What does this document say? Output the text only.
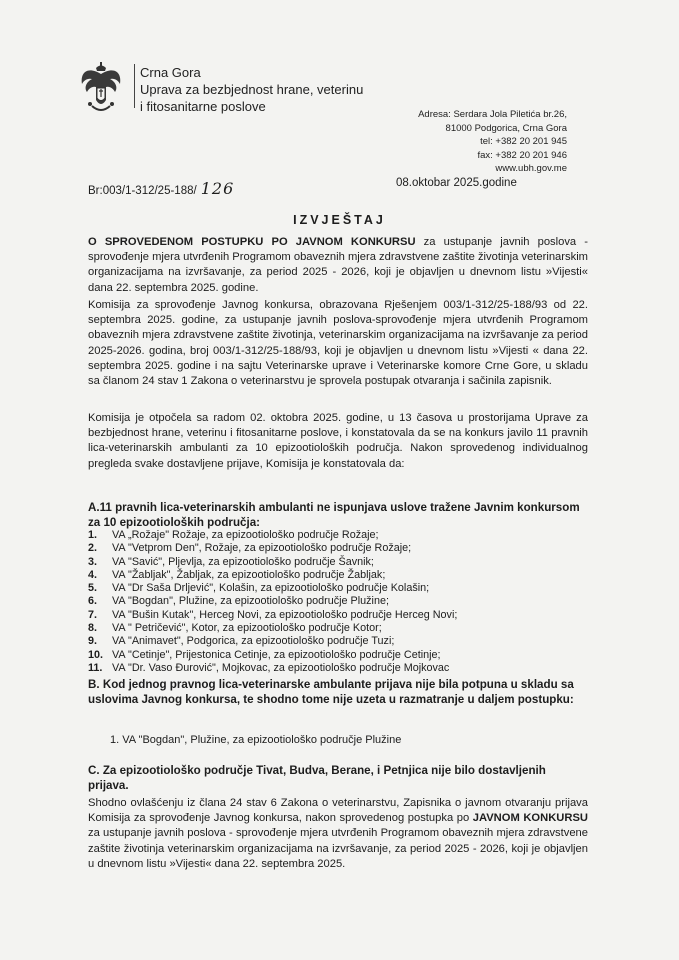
Crna Gora
Uprava za bezbjednost hrane, veterinu
i fitosanitarne poslove
Adresa: Serdara Jola Piletića br.26,
81000 Podgorica, Crna Gora
tel: +382 20 201 945
fax: +382 20 201 946
www.ubh.gov.me
Br:003/1-312/25-188/ 126	08.oktobar 2025.godine
IZVJEŠTAJ
O SPROVEDENOM POSTUPKU PO JAVNOM KONKURSU za ustupanje javnih poslova - sprovođenje mjera utvrđenih Programom obaveznih mjera zdravstvene zaštite životinja veterinarskim organizacijama na izvršavanje, za period 2025 - 2026, koji je objavljen u dnevnom listu »Vijesti« dana 22. septembra 2025. godine.
Komisija za sprovođenje Javnog konkursa, obrazovana Rješenjem 003/1-312/25-188/93 od 22. septembra 2025. godine, za ustupanje javnih poslova-sprovođenje mjera utvrđenih Programom obaveznih mjera zdravstvene zaštite životinja, veterinarskim organizacijama na izvršavanje za period 2025-2026. godina, broj 003/1-312/25-188/93, koji je objavljen u dnevnom listu »Vijesti « dana 22. septembra 2025. godine i na sajtu Veterinarske uprave i Veterinarske komore Crne Gore, u skladu sa članom 24 stav 1 Zakona o veterinarstvu je sprovela postupak otvaranja i sačinila zapisnik.
Komisija je otpočela sa radom 02. oktobra 2025. godine, u 13 časova u prostorijama Uprave za bezbjednost hrane, veterinu i fitosanitarne poslove, i konstatovala da se na konkurs javilo 11 pravnih lica-veterinarskih ambulanti za 10 epizootioloških područja. Nakon sprovedenog individualnog pregleda svake dostavljene prijave, Komisija je konstatovala da:
A.11 pravnih lica-veterinarskih ambulanti ne ispunjava uslove tražene Javnim konkursom za 10 epizootioloških područja:
1.	VA „Rožaje" Rožaje, za epizootiološko područje Rožaje;
2.	VA "Vetprom Den", Rožaje, za epizootiološko područje Rožaje;
3.	VA "Savić", Pljevlja, za epizootiološko područje Šavnik;
4.	VA "Žabljak", Žabljak, za epizootiološko područje Žabljak;
5.	VA "Dr Saša Drljević", Kolašin, za epizootiološko područje Kolašin;
6.	VA "Bogdan", Plužine, za epizootiološko područje Plužine;
7.	VA "Bušin Kutak", Herceg Novi, za epizootiološko područje Herceg Novi;
8.	VA " Petričević", Kotor, za epizootiološko područje Kotor;
9.	VA "Animavet", Podgorica, za epizootiološko područje Tuzi;
10. VA "Cetinje", Prijestonica Cetinje, za epizootiološko područje Cetinje;
11. VA "Dr. Vaso Đurović", Mojkovac, za epizootiološko područje Mojkovac
B. Kod jednog pravnog lica-veterinarske ambulante prijava nije bila potpuna u skladu sa uslovima Javnog konkursa, te shodno tome nije uzeta u razmatranje u daljem postupku:
1. VA "Bogdan", Plužine, za epizootiološko područje Plužine
C. Za epizootiološko područje Tivat, Budva, Berane, i Petnjica nije bilo dostavljenih prijava.
Shodno ovlašćenju iz člana 24 stav 6 Zakona o veterinarstvu, Zapisnika o javnom otvaranju prijava Komisija za sprovođenje Javnog konkursa, nakon sprovedenog postupka po JAVNOM KONKURSU za ustupanje javnih poslova - sprovođenje mjera utvrđenih Programom obaveznih mjera zdravstvene zaštite životinja veterinarskim organizacijama na izvršavanje, za period 2025 - 2026, koji je objavljen u dnevnom listu »Vijesti« dana 22. septembra 2025.
